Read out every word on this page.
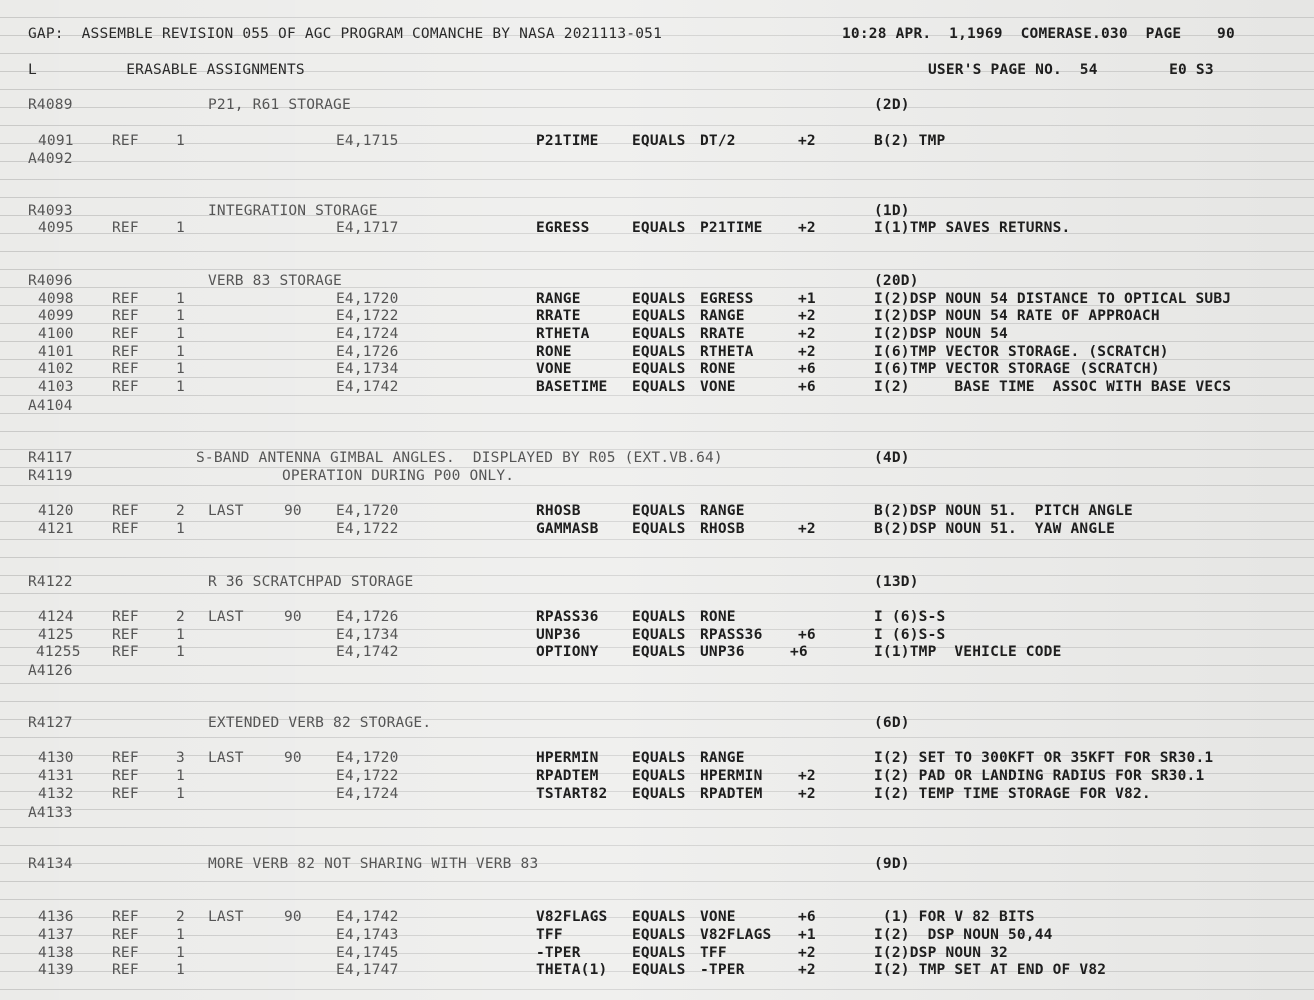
GAP:  ASSEMBLE REVISION 055 OF AGC PROGRAM COMANCHE BY NASA 2021113-051	10:28 APR.  1,1969  COMERASE.030  PAGE    90
L          ERASABLE ASSIGNMENTS	USER'S PAGE NO.  54        E0 S3
R4089	P21, R61 STORAGE	(2D)
4091	REF	1	E4,1715	P21TIME EQUALS DT/2	+2	B(2) TMP
A4092
R4093	INTEGRATION STORAGE	(1D)
4095	REF	1	E4,1717	EGRESS	EQUALS P21TIME +2	I(1)TMP SAVES RETURNS.
R4096	VERB 83 STORAGE	(20D)
4098	REF	1	E4,1720	RANGE	EQUALS EGRESS	+1	I(2)DSP NOUN 54 DISTANCE TO OPTICAL SUBJ
4099	REF	1	E4,1722	RRATE	EQUALS RANGE	+2	I(2)DSP NOUN 54 RATE OF APPROACH
4100	REF	1	E4,1724	RTHETA	EQUALS RRATE	+2	I(2)DSP NOUN 54
4101	REF	1	E4,1726	RONE	EQUALS RTHETA	+2	I(6)TMP VECTOR STORAGE. (SCRATCH)
4102	REF	1	E4,1734	VONE	EQUALS RONE	+6	I(6)TMP VECTOR STORAGE (SCRATCH)
4103	REF	1	E4,1742	BASETIME EQUALS VONE	+6	I(2)     BASE TIME  ASSOC WITH BASE VECS
A4104
R4117	S-BAND ANTENNA GIMBAL ANGLES.  DISPLAYED BY R05 (EXT.VB.64)	(4D)
R4119	OPERATION DURING P00 ONLY.
4120	REF	2 LAST	90 E4,1720	RHOSB	EQUALS RANGE	B(2)DSP NOUN 51.  PITCH ANGLE
4121	REF	1	E4,1722	GAMMASB EQUALS RHOSB	+2	B(2)DSP NOUN 51.  YAW ANGLE
R4122	R 36 SCRATCHPAD STORAGE	(13D)
4124	REF	2 LAST	90 E4,1726	RPASS36 EQUALS RONE	I (6)S-S
4125	REF	1	E4,1734	UNP36	EQUALS RPASS36 +6	I (6)S-S
41255 REF	1	E4,1742	OPTIONY EQUALS UNP36	+6	I(1)TMP  VEHICLE CODE
A4126
R4127	EXTENDED VERB 82 STORAGE.	(6D)
4130	REF	3 LAST	90 E4,1720	HPERMIN EQUALS RANGE	I(2) SET TO 300KFT OR 35KFT FOR SR30.1
4131	REF	1	E4,1722	RPADTEM EQUALS HPERMIN +2	I(2) PAD OR LANDING RADIUS FOR SR30.1
4132	REF	1	E4,1724	TSTART82 EQUALS RPADTEM +2	I(2) TEMP TIME STORAGE FOR V82.
A4133
R4134	MORE VERB 82 NOT SHARING WITH VERB 83	(9D)
4136	REF	2 LAST	90 E4,1742	V82FLAGS EQUALS VONE	+6	(1) FOR V 82 BITS
4137	REF	1	E4,1743	TFF	EQUALS V82FLAGS +1	I(2)  DSP NOUN 50,44
4138	REF	1	E4,1745	-TPER	EQUALS TFF	+2	I(2)DSP NOUN 32
4139	REF	1	E4,1747	THETA(1) EQUALS -TPER	+2	I(2) TMP SET AT END OF V82
